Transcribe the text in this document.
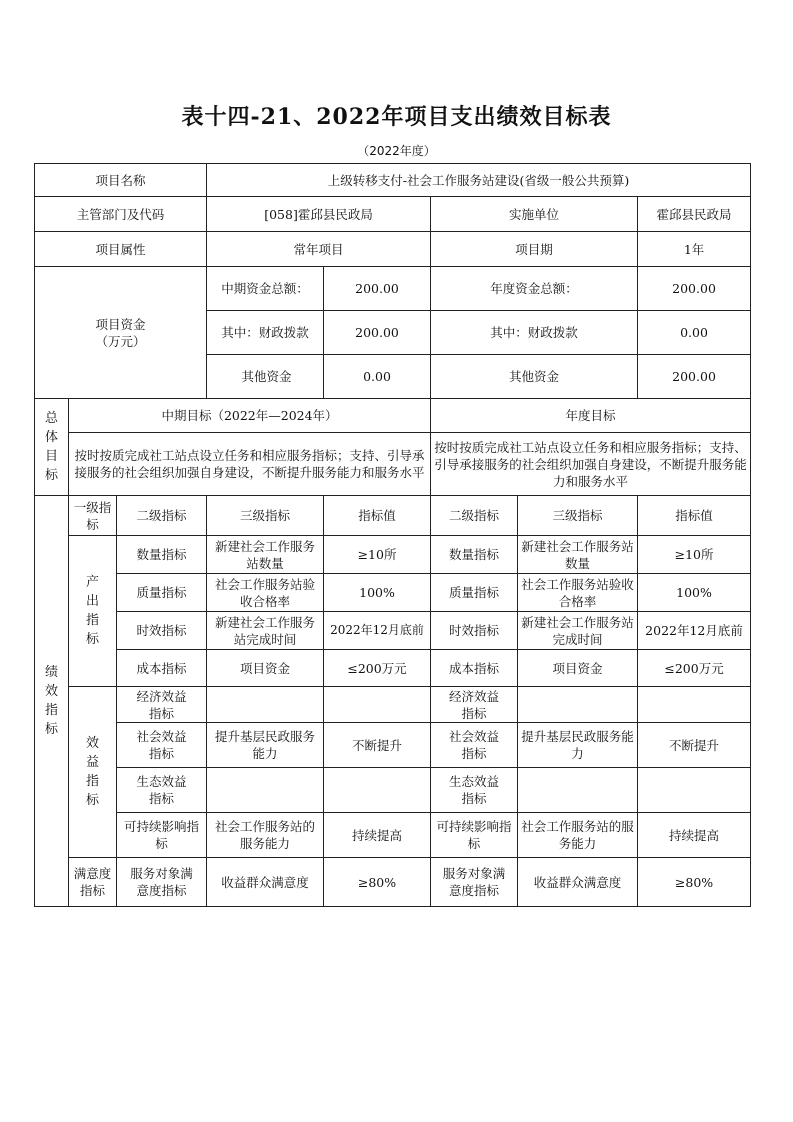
表十四-21、2022年项目支出绩效目标表
（2022年度）
项目名称			上级转移支付-社会工作服务站建设(省级一般公共预算)				
主管部门及代码			[058]霍邱县民政局		实施单位		霍邱县民政局
项目属性			常年项目		项目期		1年

项目资金
（万元）			中期资金总额：	200.00	年度资金总额：		200.00
			其中：财政拨款	200.00	其中：财政拨款		0.00
			其他资金	0.00	其他资金		200.00

总体目标	中期目标（2022年—2024年）				年度目标		
	按时按质完成社工站点设立任务和相应服务指标；支持、引导承接服务的社会组织加强自身建设，不断提升服务能力和服务水平				按时按质完成社工站点设立任务和相应服务指标；支持、引导承接服务的社会组织加强自身建设，不断提升服务能力和服务水平		

绩效指标	一级指标	二级指标	三级指标	指标值	二级指标	三级指标	指标值

	产出指标	数量指标	新建社会工作服务站数量	≥10所	数量指标	新建社会工作服务站数量	≥10所
		质量指标	社会工作服务站验收合格率	100%	质量指标	社会工作服务站验收合格率	100%
		时效指标	新建社会工作服务站完成时间	2022年12月底前	时效指标	新建社会工作服务站完成时间	2022年12月底前
		成本指标	项目资金	≤200万元	成本指标	项目资金	≤200万元

	效益指标	经济效益指标			经济效益指标		
		社会效益指标	提升基层民政服务能力	不断提升	社会效益指标	提升基层民政服务能力	不断提升
		生态效益指标			生态效益指标		
		可持续影响指标	社会工作服务站的服务能力	持续提高	可持续影响指标	社会工作服务站的服务能力	持续提高
	满意度指标	服务对象满意度指标	收益群众满意度	≥80%	服务对象满意度指标	收益群众满意度	≥80%
